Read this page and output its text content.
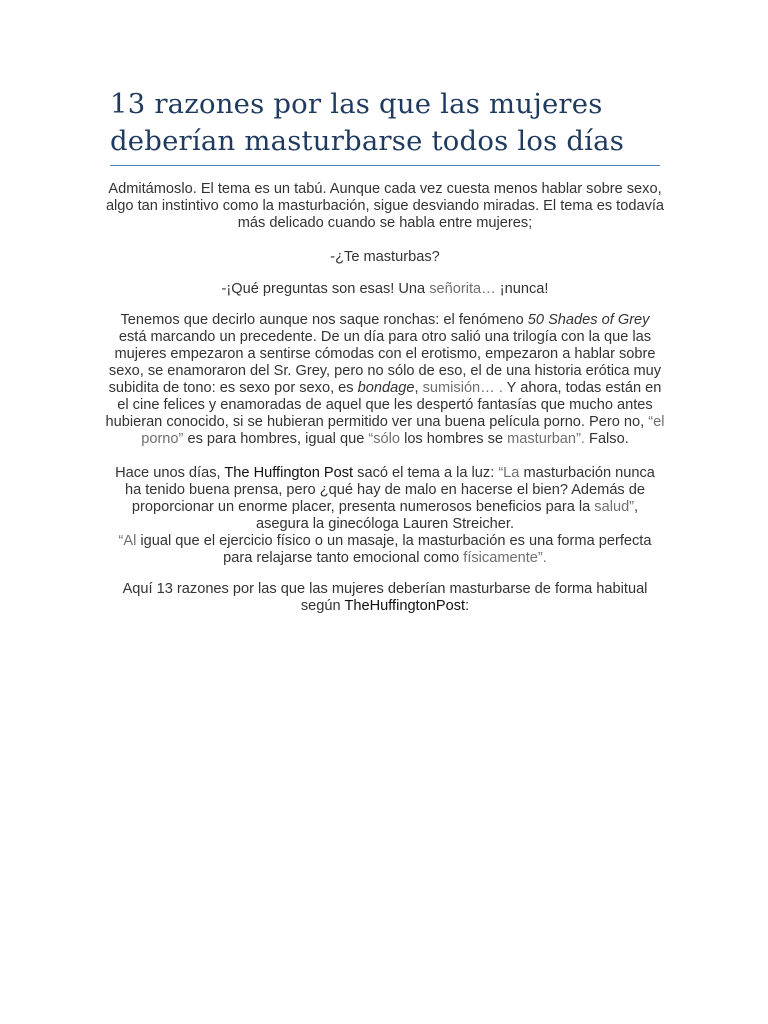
13 razones por las que las mujeres deberían masturbarse todos los días

Admitámoslo. El tema es un tabú. Aunque cada vez cuesta menos hablar sobre sexo, algo tan instintivo como la masturbación, sigue desviando miradas. El tema es todavía más delicado cuando se habla entre mujeres;

-¿Te masturbas?

-¡Qué preguntas son esas! Una señorita… ¡nunca!

Tenemos que decirlo aunque nos saque ronchas: el fenómeno 50 Shades of Grey está marcando un precedente. De un día para otro salió una trilogía con la que las mujeres empezaron a sentirse cómodas con el erotismo, empezaron a hablar sobre sexo, se enamoraron del Sr. Grey, pero no sólo de eso, el de una historia erótica muy subidita de tono: es sexo por sexo, es bondage, sumisión… . Y ahora, todas están en el cine felices y enamoradas de aquel que les despertó fantasías que mucho antes hubieran conocido, si se hubieran permitido ver una buena película porno. Pero no, “el porno” es para hombres, igual que “sólo los hombres se masturban”. Falso.

Hace unos días, The Huffington Post sacó el tema a la luz: “La masturbación nunca ha tenido buena prensa, pero ¿qué hay de malo en hacerse el bien? Además de proporcionar un enorme placer, presenta numerosos beneficios para la salud”, asegura la ginecóloga Lauren Streicher.
“Al igual que el ejercicio físico o un masaje, la masturbación es una forma perfecta para relajarse tanto emocional como físicamente”.

Aquí 13 razones por las que las mujeres deberían masturbarse de forma habitual según TheHuffingtonPost:
